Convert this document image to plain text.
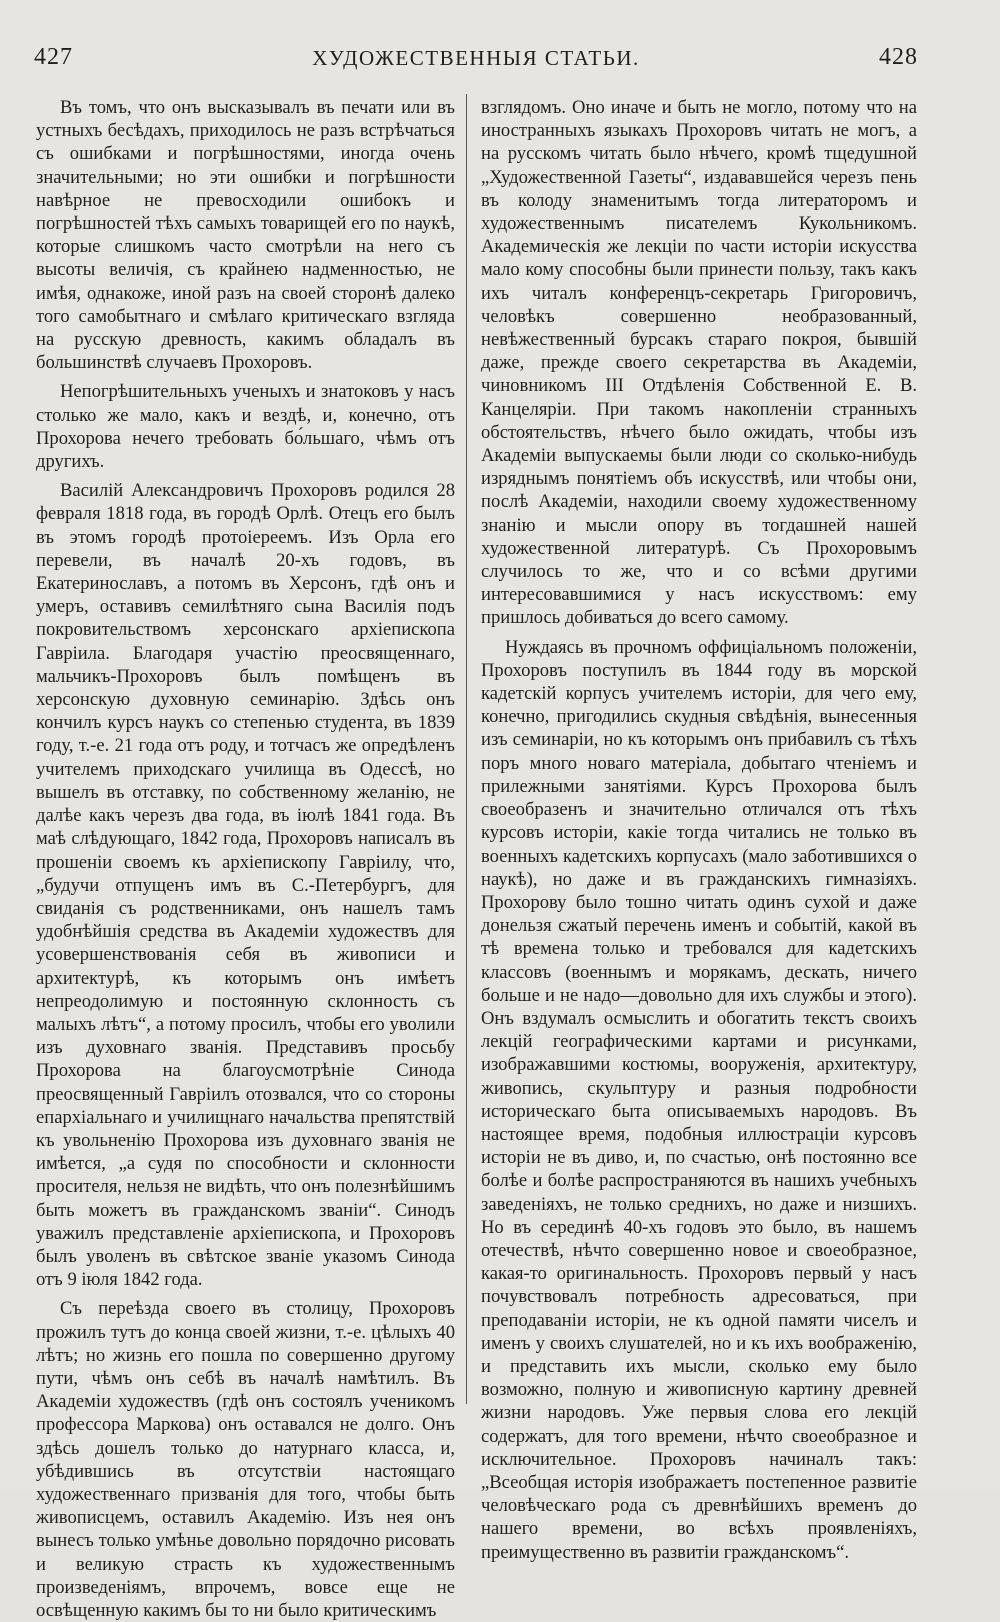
427	ХУДОЖЕСТВЕННЫЯ СТАТЬИ.	428

Въ томъ, что онъ высказывалъ въ печати или въ устныхъ бесѣдахъ, приходилось не разъ встрѣчаться съ ошибками и погрѣшностями, иногда очень значительными; но эти ошибки и погрѣшности навѣрное не превосходили ошибокъ и погрѣшностей тѣхъ самыхъ товарищей его по наукѣ, которые слишкомъ часто смотрѣли на него съ высоты величія, съ крайнею надменностью, не имѣя, однакоже, иной разъ на своей сторонѣ далеко того самобытнаго и смѣлаго критическаго взгляда на русскую древность, какимъ обладалъ въ большинствѣ случаевъ Прохоровъ.

Непогрѣшительныхъ ученыхъ и знатоковъ у насъ столько же мало, какъ и вездѣ, и, конечно, отъ Прохорова нечего требовать бо́льшаго, чѣмъ отъ другихъ.

Василій Александровичъ Прохоровъ родился 28 февраля 1818 года, въ городѣ Орлѣ. Отецъ его былъ въ этомъ городѣ протоіереемъ. Изъ Орла его перевели, въ началѣ 20-хъ годовъ, въ Екатеринославъ, а потомъ въ Херсонъ, гдѣ онъ и умеръ, оставивъ семилѣтняго сына Василія подъ покровительствомъ херсонскаго архіепископа Гавріила. Благодаря участію преосвященнаго, мальчикъ-Прохоровъ былъ помѣщенъ въ херсонскую духовную семинарію. Здѣсь онъ кончилъ курсъ наукъ со степенью студента, въ 1839 году, т.-е. 21 года отъ роду, и тотчасъ же опредѣленъ учителемъ приходскаго училища въ Одессѣ, но вышелъ въ отставку, по собственному желанію, не далѣе какъ черезъ два года, въ іюлѣ 1841 года. Въ маѣ слѣдующаго, 1842 года, Прохоровъ написалъ въ прошеніи своемъ къ архіепископу Гавріилу, что, „будучи отпущенъ имъ въ С.-Петербургъ, для свиданія съ родственниками, онъ нашелъ тамъ удобнѣйшія средства въ Академіи художествъ для усовершенствованія себя въ живописи и архитектурѣ, къ которымъ онъ имѣетъ непреодолимую и постоянную склонность съ малыхъ лѣтъ“, а потому просилъ, чтобы его уволили изъ духовнаго званія. Представивъ просьбу Прохорова на благоусмотрѣніе Синода преосвященный Гавріилъ отозвался, что со стороны епархіальнаго и училищнаго начальства препятствій къ увольненію Прохорова изъ духовнаго званія не имѣется, „а судя по способности и склонности просителя, нельзя не видѣть, что онъ полезнѣйшимъ быть можетъ въ гражданскомъ званіи“. Синодъ уважилъ представленіе архіепископа, и Прохоровъ былъ уволенъ въ свѣтское званіе указомъ Синода отъ 9 іюля 1842 года.

Съ переѣзда своего въ столицу, Прохоровъ прожилъ тутъ до конца своей жизни, т.-е. цѣлыхъ 40 лѣтъ; но жизнь его пошла по совершенно другому пути, чѣмъ онъ себѣ въ началѣ намѣтилъ. Въ Академіи художествъ (гдѣ онъ состоялъ ученикомъ профессора Маркова) онъ оставался не долго. Онъ здѣсь дошелъ только до натурнаго класса, и, убѣдившись въ отсутствіи настоящаго художественнаго призванія для того, чтобы быть живописцемъ, оставилъ Академію. Изъ нея онъ вынесъ только умѣнье довольно порядочно рисовать и великую страсть къ художественнымъ произведеніямъ, впрочемъ, вовсе еще не освѣщенную какимъ бы то ни было критическимъ

взглядомъ. Оно иначе и быть не могло, потому что на иностранныхъ языкахъ Прохоровъ читать не могъ, а на русскомъ читать было нѣчего, кромѣ тщедушной „Художественной Газеты“, издававшейся черезъ пень въ колоду знаменитымъ тогда литераторомъ и художественнымъ писателемъ Кукольникомъ. Академическія же лекціи по части исторіи искусства мало кому способны были принести пользу, такъ какъ ихъ читалъ конференцъ-секретарь Григоровичъ, человѣкъ совершенно необразованный, невѣжественный бурсакъ стараго покроя, бывшій даже, прежде своего секретарства въ Академіи, чиновникомъ III Отдѣленія Собственной Е. В. Канцеляріи. При такомъ накопленіи странныхъ обстоятельствъ, нѣчего было ожидать, чтобы изъ Академіи выпускаемы были люди со сколько-нибудь изряднымъ понятіемъ объ искусствѣ, или чтобы они, послѣ Академіи, находили своему художественному знанію и мысли опору въ тогдашней нашей художественной литературѣ. Съ Прохоровымъ случилось то же, что и со всѣми другими интересовавшимися у насъ искусствомъ: ему пришлось добиваться до всего самому.

Нуждаясь въ прочномъ оффиціальномъ положеніи, Прохоровъ поступилъ въ 1844 году въ морской кадетскій корпусъ учителемъ исторіи, для чего ему, конечно, пригодились скудныя свѣдѣнія, вынесенныя изъ семинаріи, но къ которымъ онъ прибавилъ съ тѣхъ поръ много новаго матеріала, добытаго чтеніемъ и прилежными занятіями. Курсъ Прохорова былъ своеобразенъ и значительно отличался отъ тѣхъ курсовъ исторіи, какіе тогда читались не только въ военныхъ кадетскихъ корпусахъ (мало заботившихся о наукѣ), но даже и въ гражданскихъ гимназіяхъ. Прохорову было тошно читать одинъ сухой и даже донельзя сжатый перечень именъ и событій, какой въ тѣ времена только и требовался для кадетскихъ классовъ (военнымъ и морякамъ, дескать, ничего больше и не надо—довольно для ихъ службы и этого). Онъ вздумалъ осмыслить и обогатить текстъ своихъ лекцій географическими картами и рисунками, изображавшими костюмы, вооруженія, архитектуру, живопись, скульптуру и разныя подробности историческаго быта описываемыхъ народовъ. Въ настоящее время, подобныя иллюстраціи курсовъ исторіи не въ диво, и, по счастью, онѣ постоянно все болѣе и болѣе распространяются въ нашихъ учебныхъ заведеніяхъ, не только среднихъ, но даже и низшихъ. Но въ серединѣ 40-хъ годовъ это было, въ нашемъ отечествѣ, нѣчто совершенно новое и своеобразное, какая-то оригинальность. Прохоровъ первый у насъ почувствовалъ потребность адресоваться, при преподаваніи исторіи, не къ одной памяти чиселъ и именъ у своихъ слушателей, но и къ ихъ воображенію, и представить ихъ мысли, сколько ему было возможно, полную и живописную картину древней жизни народовъ. Уже первыя слова его лекцій содержатъ, для того времени, нѣчто своеобразное и исключительное. Прохоровъ начиналъ такъ: „Всеобщая исторія изображаетъ постепенное развитіе человѣческаго рода съ древнѣйшихъ временъ до нашего времени, во всѣхъ проявленіяхъ, преимущественно въ развитіи гражданскомъ“.
